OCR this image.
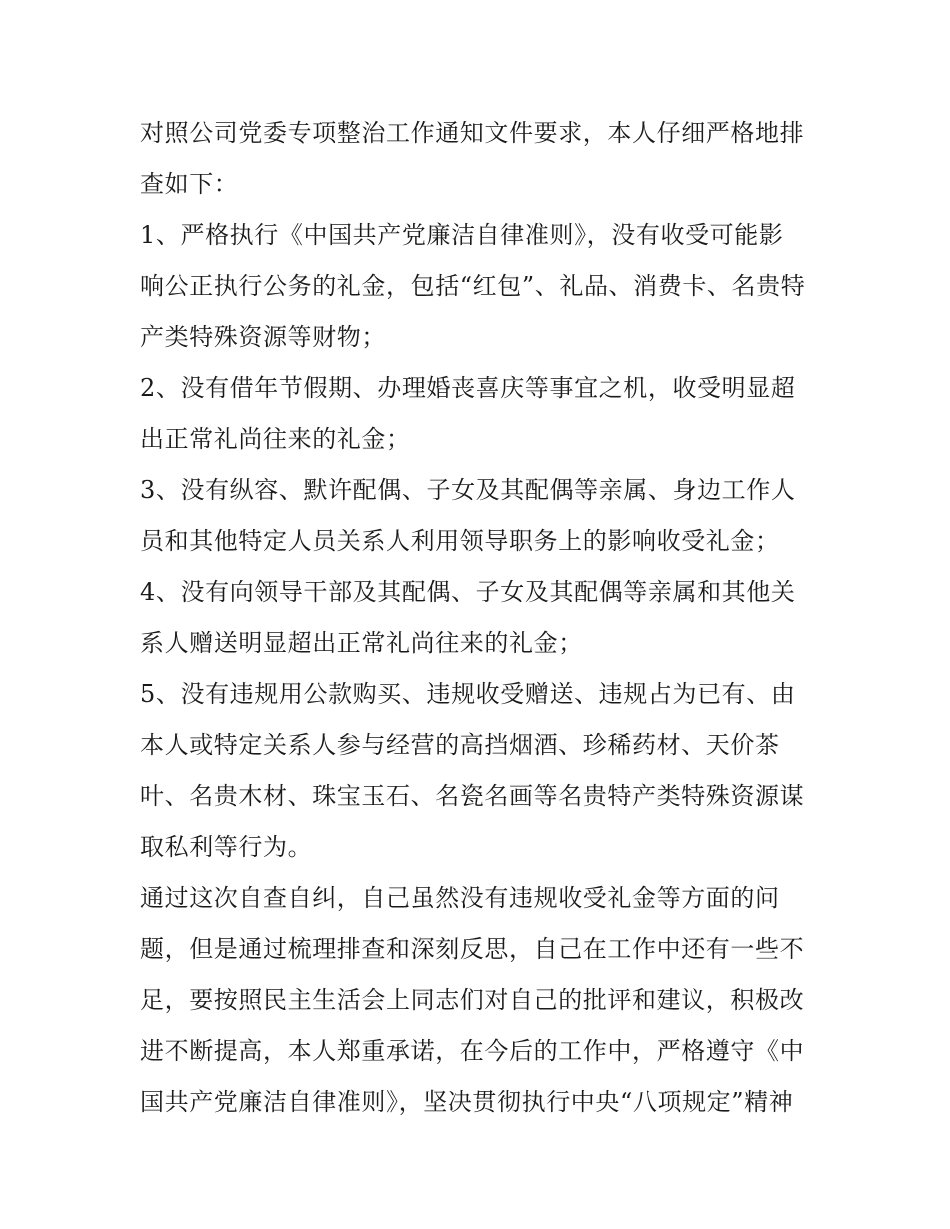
对照公司党委专项整治工作通知文件要求，本人仔细严格地排
查如下：
1、严格执行《中国共产党廉洁自律准则》，没有收受可能影
响公正执行公务的礼金，包括“红包”、礼品、消费卡、名贵特
产类特殊资源等财物；
2、没有借年节假期、办理婚丧喜庆等事宜之机，收受明显超
出正常礼尚往来的礼金；
3、没有纵容、默许配偶、子女及其配偶等亲属、身边工作人
员和其他特定人员关系人利用领导职务上的影响收受礼金；
4、没有向领导干部及其配偶、子女及其配偶等亲属和其他关
系人赠送明显超出正常礼尚往来的礼金；
5、没有违规用公款购买、违规收受赠送、违规占为已有、由
本人或特定关系人参与经营的高挡烟酒、珍稀药材、天价茶
叶、名贵木材、珠宝玉石、名瓷名画等名贵特产类特殊资源谋
取私利等行为。
通过这次自查自纠，自己虽然没有违规收受礼金等方面的问
题，但是通过梳理排查和深刻反思，自己在工作中还有一些不
足，要按照民主生活会上同志们对自己的批评和建议，积极改
进不断提高，本人郑重承诺，在今后的工作中，严格遵守《中
国共产党廉洁自律准则》，坚决贯彻执行中央“八项规定”精神
